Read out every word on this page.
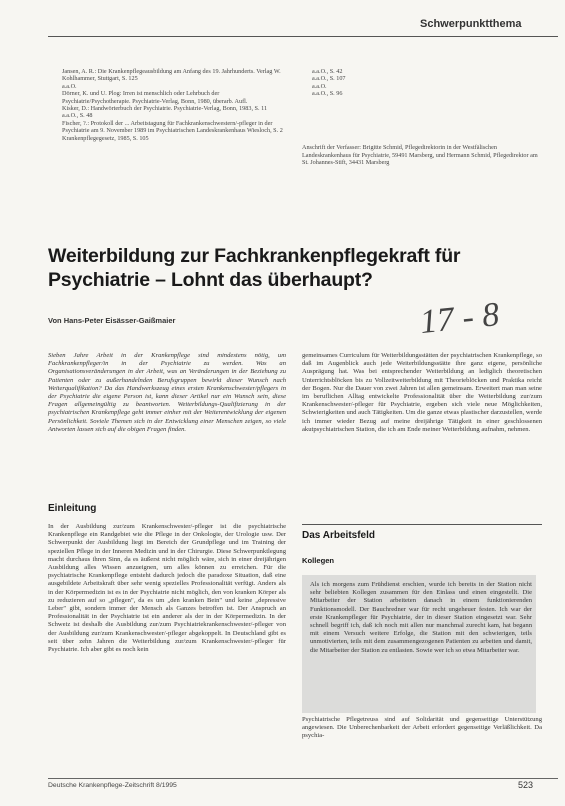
Schwerpunktthema
Jansen, A. R.: Die Krankenpflegeausbildung am Anfang des 19. Jahrhunderts. Verlag W. Kohlhammer, Stuttgart, S. 125
a.a.O.
Dörner, K. und U. Plog: Irren ist menschlich oder Lehrbuch der Psychiatrie/Psychotherapie. Psychiatrie-Verlag, Bonn, 1980, überarb. Aufl.
Kisker, D.: Handwörterbuch der Psychiatrie. Psychiatrie-Verlag, Bonn, 1983, S. 11
a.a.O., S. 48
Fischer, ?.: Protokoll der ... Arbeitstagung für Fachkrankenschwestern/-pfleger in der Psychiatrie am 9. November 1989 im Psychiatrischen Landeskrankenhaus Wiesloch, S. 2
Krankenpflegegesetz, 1985, S. 105
a.a.O., S. 42
a.a.O., S. 107
a.a.O.
a.a.O., S. 96
Anschrift der Verfasser: Brigitte Schmid, Pflegedirektorin in der Westfälischen Landeskrankenhaus für Psychiatrie, 59491 Marsberg, und Hermann Schmid, Pflegedirektor am St. Johannes-Stift, 34431 Marsberg
Weiterbildung zur Fachkrankenpflegekraft für Psychiatrie – Lohnt das überhaupt?
17 - 8
Von Hans-Peter Eisässer-Gaißmaier
Sieben Jahre Arbeit in der Krankenpflege sind mindestens nötig, um Fachkrankenpfleger/in in der Psychiatrie zu werden. Was an Organisationsveränderungen in der Arbeit, was an Veränderungen in der Beziehung zu Patienten oder zu außerhandelnden Berufsgruppen bewirkt dieser Wunsch nach Weiterqualifikation? Da das Handwerkszeug eines ersten Krankenschwester/pflegers in der Psychiatrie die eigene Person ist, kann dieser Artikel nur ein Wunsch sein, diese Fragen allgemeingültig zu beantworten. Weiterbildungs-Qualifizierung in der psychiatrischen Krankenpflege geht immer einher mit der Weiterentwicklung der eigenen Persönlichkeit. Soviele Themen sich in der Entwicklung einer Menschen zeigen, so viele Antworten lassen sich auf die obigen Fragen finden.
Einleitung
In der Ausbildung zur/zum Krankenschwester/-pfleger ist die psychiatrische Krankenpflege ein Randgebiet wie die Pflege in der Onkologie, der Urologie usw. Der Schwerpunkt der Ausbildung liegt im Bereich der Grundpflege und im Training der speziellen Pflege in der Inneren Medizin und in der Chirurgie. Diese Schwerpunktlegung macht durchaus ihren Sinn, da es äußerst nicht möglich wäre, sich in einer dreijährigen Ausbildung alles Wissen anzueignen, um alles können zu erreichen. Für die psychiatrische Krankenpflege entsteht dadurch jedoch die paradoxe Situation, daß eine ausgebildete Arbeitskraft über sehr wenig spezielles Professionalität verfügt. Anders als in der Körpermedizin ist es in der Psychiatrie nicht möglich, den von kranken Körper als zu reduzieren auf so „pflegen", da es um „den kranken Bein" und keine „depressive Leber" gibt, sondern immer der Mensch als Ganzes betroffen ist. Der Anspruch an Professionalität in der Psychiatrie ist ein anderer als der in der Körpermedizin. In der Schweiz ist deshalb die Ausbildung zur/zum Psychiatriekrankenschwester/-pfleger von der Ausbildung zur/zum Krankenschwester/-pfleger abgekoppelt. In Deutschland gibt es seit über zehn Jahren die Weiterbildung zur/zum Krankenschwester/-pfleger für Psychiatrie. Ich aber gibt es noch kein
gemeinsames Curriculum für Weiterbildungsstätten der psychiatrischen Krankenpflege, so daß im Augenblick auch jede Weiterbildungsstätte ihre ganz eigene, persönliche Ausprägung hat. Was bei entsprechender Weiterbildung an lediglich theoretischen Unterrichtsblöcken bis zu Vollzeitweiterbildung mit Theorieblöcken und Praktika reicht der Bogen. Nur die Dauer von zwei Jahren ist allen gemeinsam. Erweitert man man seine im beruflichen Alltag entwickelte Professionalität über die Weiterbildung zur/zum Krankenschwester/-pfleger für Psychiatrie, ergeben sich viele neue Möglichkeiten, Schwierigkeiten und auch Tätigkeiten. Um die ganze etwas plastischer darzustellen, werde ich immer wieder Bezug auf meine dreijährige Tätigkeit in einer geschlossenen akutpsychiatrischen Station, die ich am Ende meiner Weiterbildung aufnahm, nehmen.
Das Arbeitsfeld
Kollegen
Als ich morgens zum Frühdienst erschien, wurde ich bereits in der Station nicht sehr beliebten Kollegen zusammen für den Einlass und einen eingestellt. Die Mitarbeiter der Station arbeiteten danach in einem funktionierenden Funktionsmodell. Der Bauchredner war für recht ungeheuer festen. Ich war der erste Krankenpfleger für Psychiatrie, der in dieser Station eingesetzt war. Sehr schnell begriff ich, daß ich noch mit allen nur manchmal zurecht kam, hat begann mit einem Versuch weitere Erfolge, die Station mit den schwierigen, teils unmotivierten, teils mit dem zusammengezogenen Patienten zu arbeiten und damit, die Mitarbeiter der Station zu entlasten. Sowie wer ich so etwa Mitarbeiter war.
Psychiatrische Pflegetreuss sind auf Solidarität und gegenseitige Unterstützung angewiesen. Die Unberechenbarkeit der Arbeit erfordert gegenseitige Verläßlichkeit. Da psychia-
Deutsche Krankenpflege-Zeitschrift 8/1995	523
